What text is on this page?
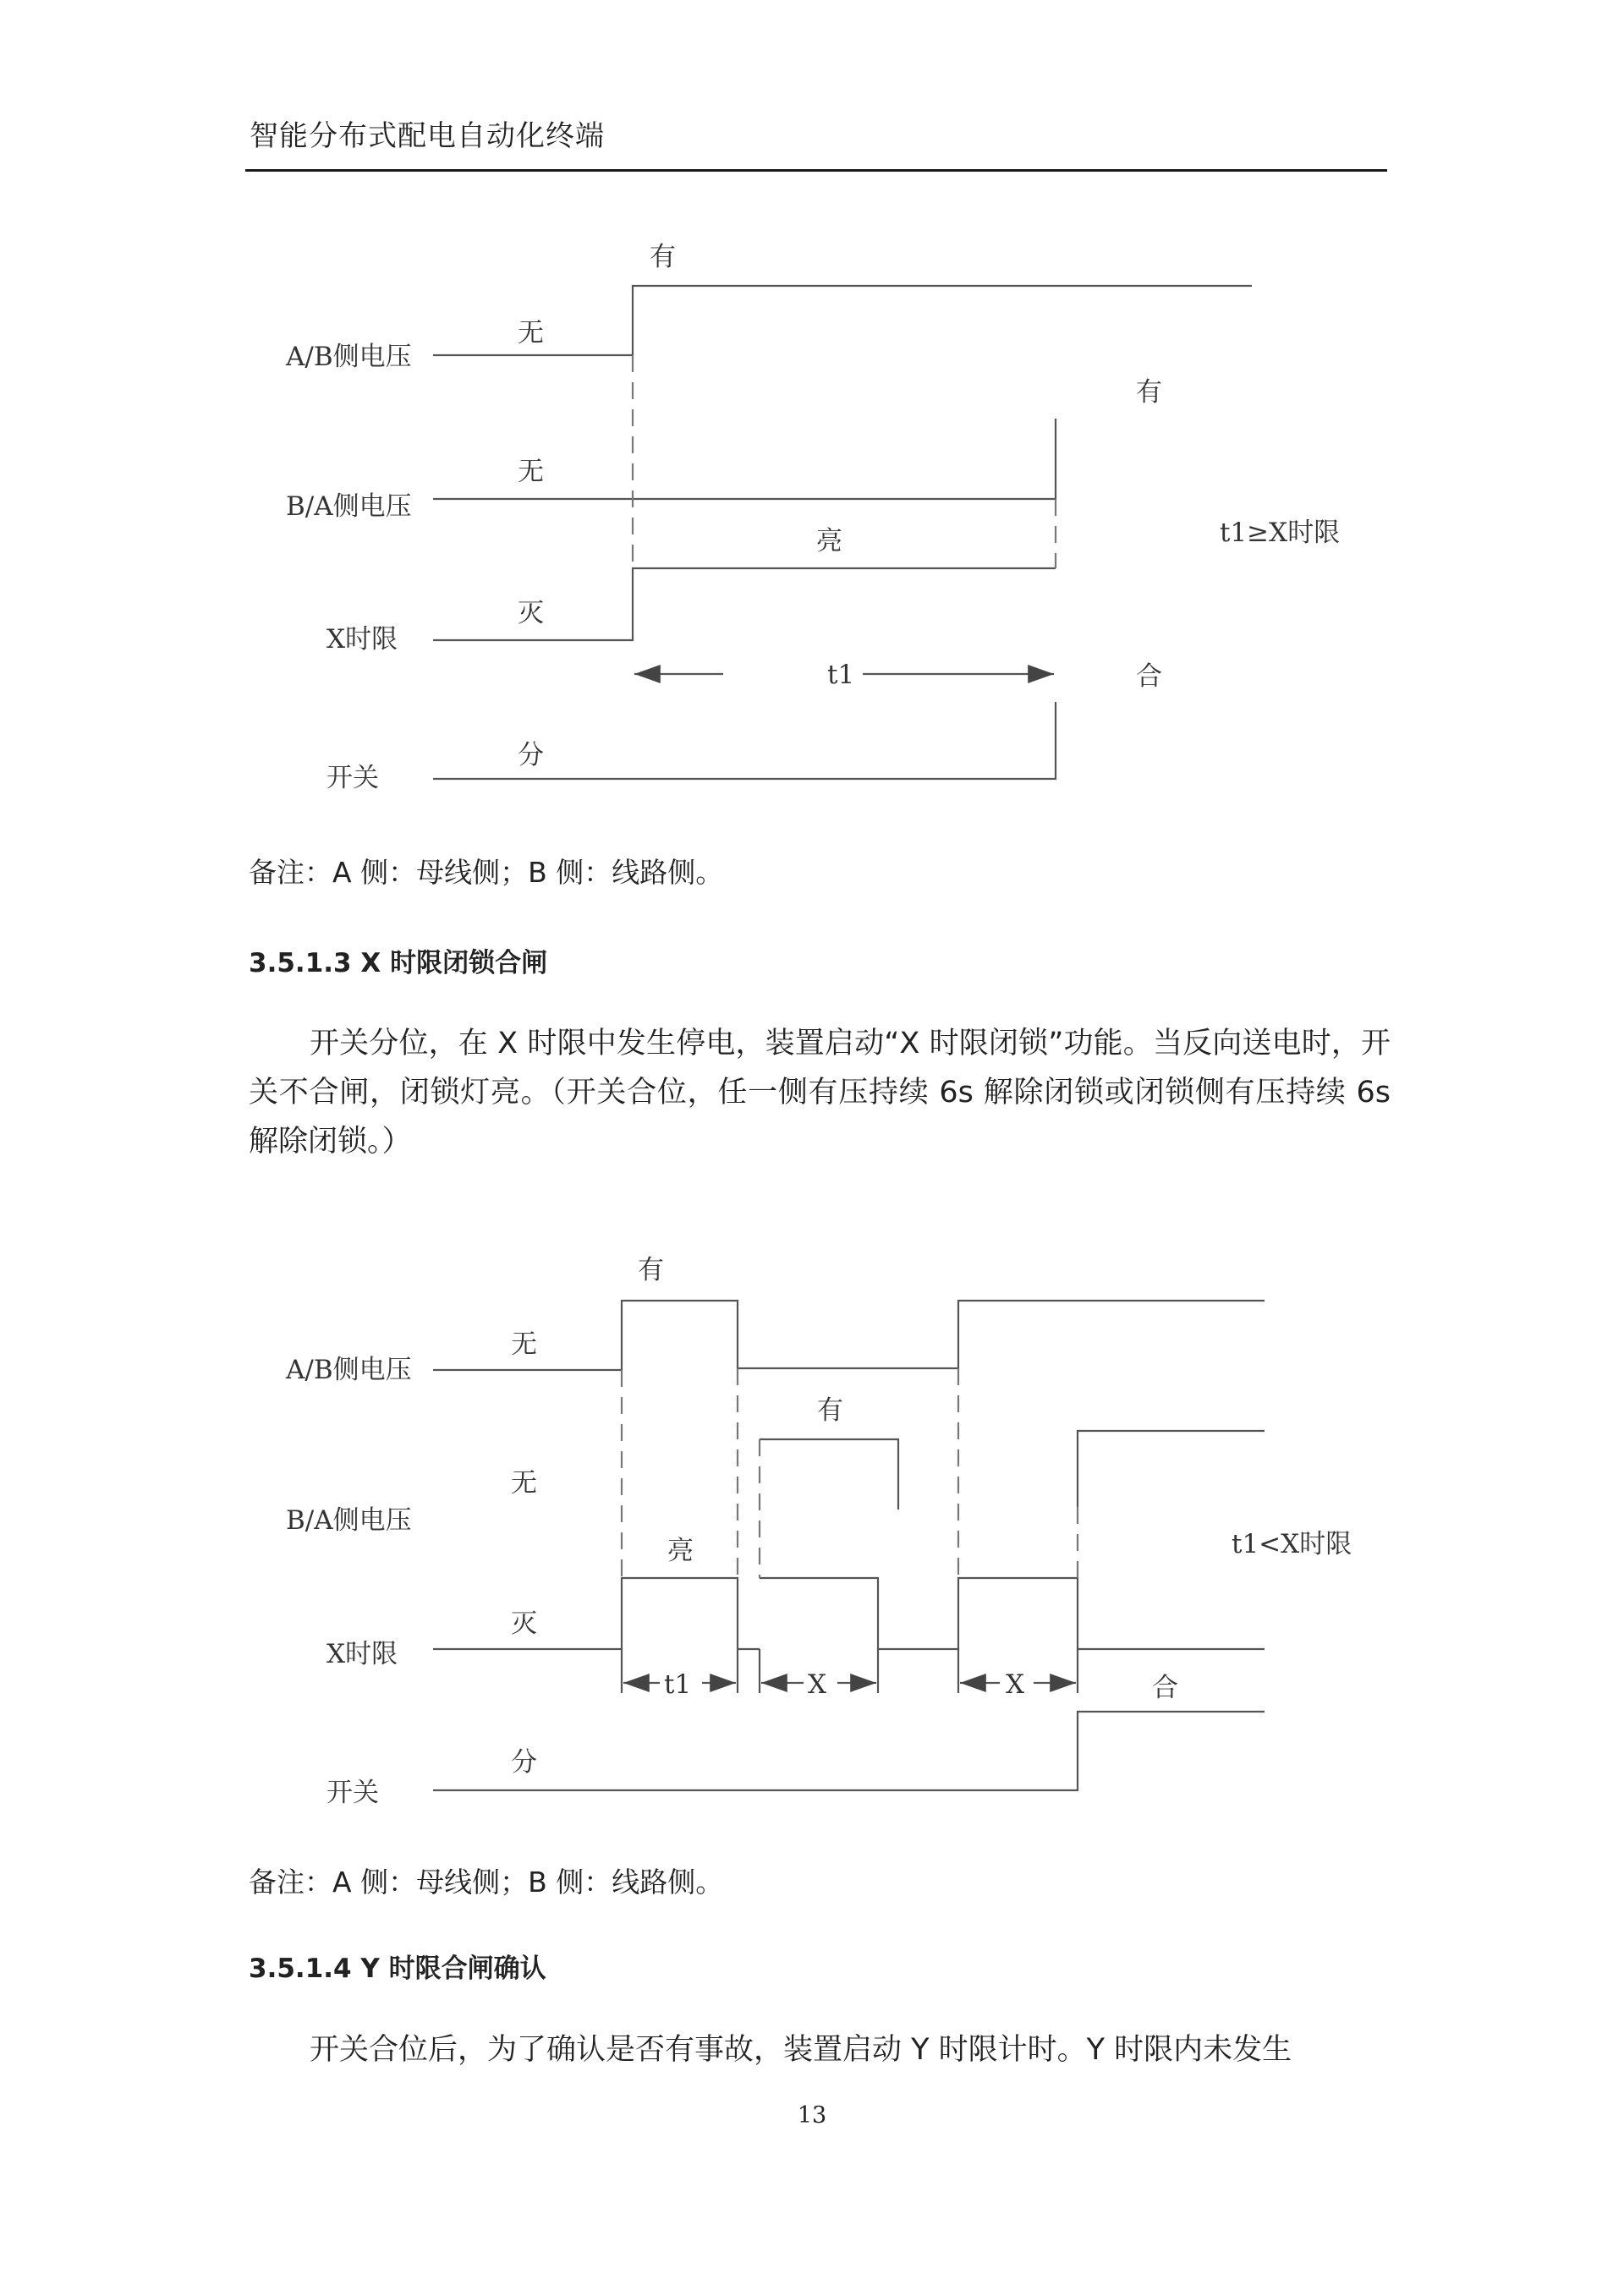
智能分布式配电自动化终端
A/B侧电压
B/A侧电压
X时限
开关
有
无
有
无
亮
灭
合
分
t1
t1≥X时限
A/B侧电压
B/A侧电压
X时限
开关
有
无
有
无
亮
灭
合
分
t1	X	X
t1<X时限
备注：A 侧：母线侧；B 侧：线路侧。
3.5.1.3 X 时限闭锁合闸
开关分位，在 X 时限中发生停电，装置启动“X 时限闭锁”功能。当反向送电时，开关不合闸，闭锁灯亮。（开关合位，任一侧有压持续 6s 解除闭锁或闭锁侧有压持续 6s 解除闭锁。）
备注：A 侧：母线侧；B 侧：线路侧。
3.5.1.4 Y 时限合闸确认
开关合位后，为了确认是否有事故，装置启动 Y 时限计时。Y 时限内未发生
13
